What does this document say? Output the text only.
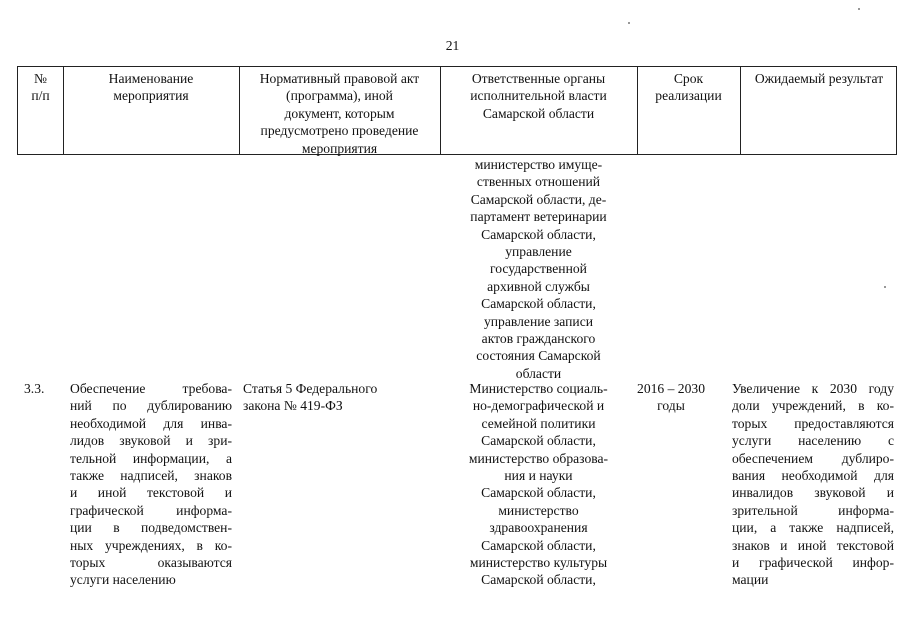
21
№
п/п
Наименование
мероприятия
Нормативный правовой акт
(программа), иной
документ, которым
предусмотрено проведение
мероприятия
Ответственные органы
исполнительной власти
Самарской области
Срок
реализации
Ожидаемый результат
министерство имуще-
ственных отношений
Самарской области, де-
партамент ветеринарии
Самарской области,
управление
государственной
архивной службы
Самарской области,
управление записи
актов гражданского
состояния Самарской
области
3.3.	Обеспечение требова-
ний по дублированию
необходимой для инва-
лидов звуковой и зри-
тельной информации, а
также надписей, знаков
и иной текстовой и
графической информа-
ции в подведомствен-
ных учреждениях, в ко-
торых оказываются
услуги населению
Статья 5 Федерального
закона № 419-ФЗ
Министерство социаль-
но-демографической и
семейной политики
Самарской области,
министерство образова-
ния и науки
Самарской области,
министерство
здравоохранения
Самарской области,
министерство культуры
Самарской области,
2016 – 2030
годы
Увеличение к 2030 году
доли учреждений, в ко-
торых предоставляются
услуги населению с
обеспечением дублиро-
вания необходимой для
инвалидов звуковой и
зрительной информа-
ции, а также надписей,
знаков и иной текстовой
и графической инфор-
мации
